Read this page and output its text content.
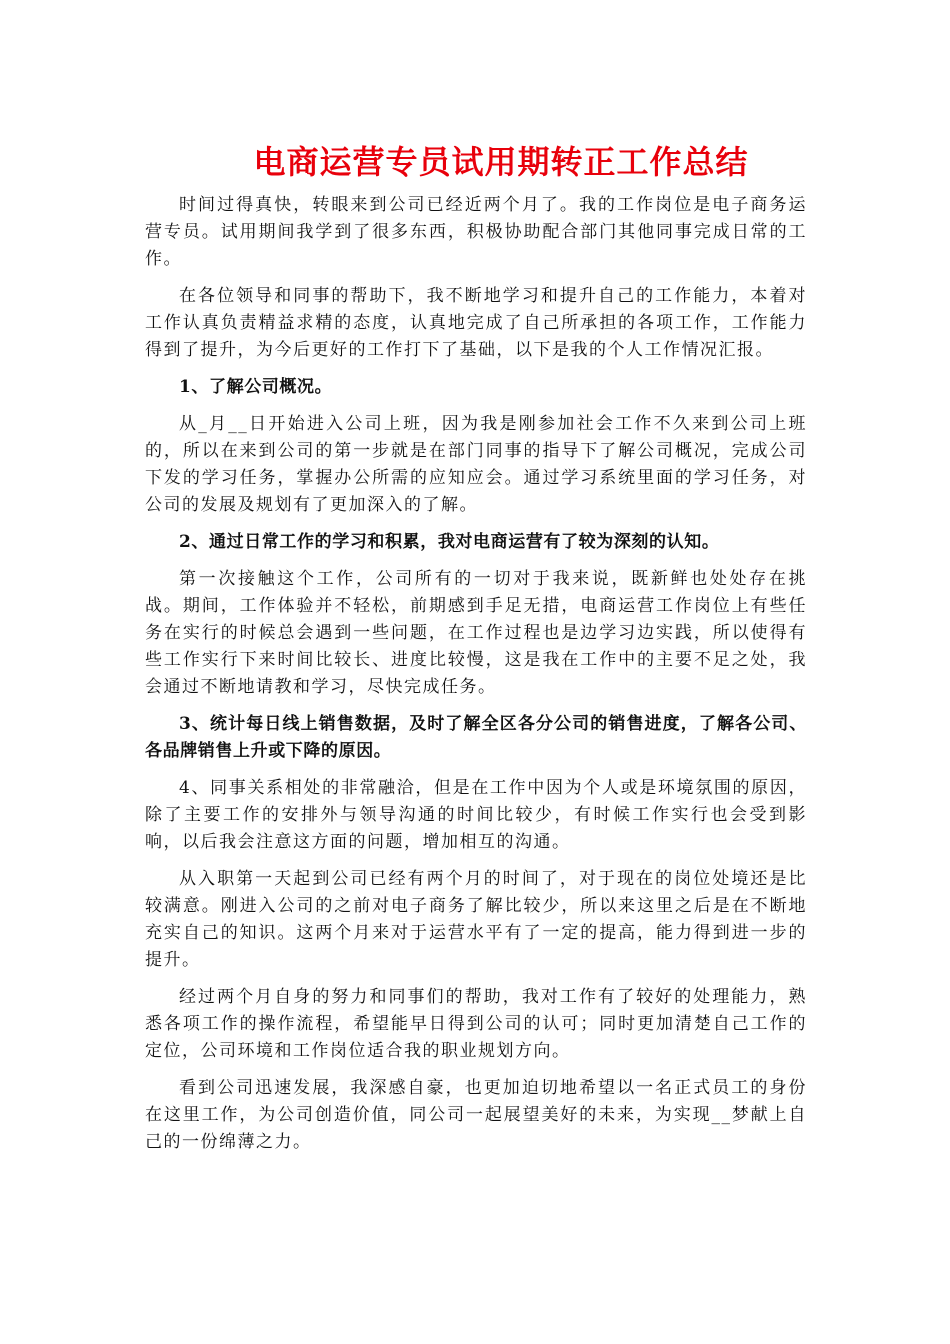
电商运营专员试用期转正工作总结

时间过得真快，转眼来到公司已经近两个月了。我的工作岗位是电子商务运营专员。试用期间我学到了很多东西，积极协助配合部门其他同事完成日常的工作。

在各位领导和同事的帮助下，我不断地学习和提升自己的工作能力，本着对工作认真负责精益求精的态度，认真地完成了自己所承担的各项工作，工作能力得到了提升，为今后更好的工作打下了基础，以下是我的个人工作情况汇报。

1、了解公司概况。

从_月__日开始进入公司上班，因为我是刚参加社会工作不久来到公司上班的，所以在来到公司的第一步就是在部门同事的指导下了解公司概况，完成公司下发的学习任务，掌握办公所需的应知应会。通过学习系统里面的学习任务，对公司的发展及规划有了更加深入的了解。

2、通过日常工作的学习和积累，我对电商运营有了较为深刻的认知。

第一次接触这个工作，公司所有的一切对于我来说，既新鲜也处处存在挑战。期间，工作体验并不轻松，前期感到手足无措，电商运营工作岗位上有些任务在实行的时候总会遇到一些问题，在工作过程也是边学习边实践，所以使得有些工作实行下来时间比较长、进度比较慢，这是我在工作中的主要不足之处，我会通过不断地请教和学习，尽快完成任务。

3、统计每日线上销售数据，及时了解全区各分公司的销售进度，了解各公司、各品牌销售上升或下降的原因。

4、同事关系相处的非常融洽，但是在工作中因为个人或是环境氛围的原因，除了主要工作的安排外与领导沟通的时间比较少，有时候工作实行也会受到影响，以后我会注意这方面的问题，增加相互的沟通。

从入职第一天起到公司已经有两个月的时间了，对于现在的岗位处境还是比较满意。刚进入公司的之前对电子商务了解比较少，所以来这里之后是在不断地充实自己的知识。这两个月来对于运营水平有了一定的提高，能力得到进一步的提升。

经过两个月自身的努力和同事们的帮助，我对工作有了较好的处理能力，熟悉各项工作的操作流程，希望能早日得到公司的认可；同时更加清楚自己工作的定位，公司环境和工作岗位适合我的职业规划方向。

看到公司迅速发展，我深感自豪，也更加迫切地希望以一名正式员工的身份在这里工作，为公司创造价值，同公司一起展望美好的未来，为实现__梦献上自己的一份绵薄之力。
